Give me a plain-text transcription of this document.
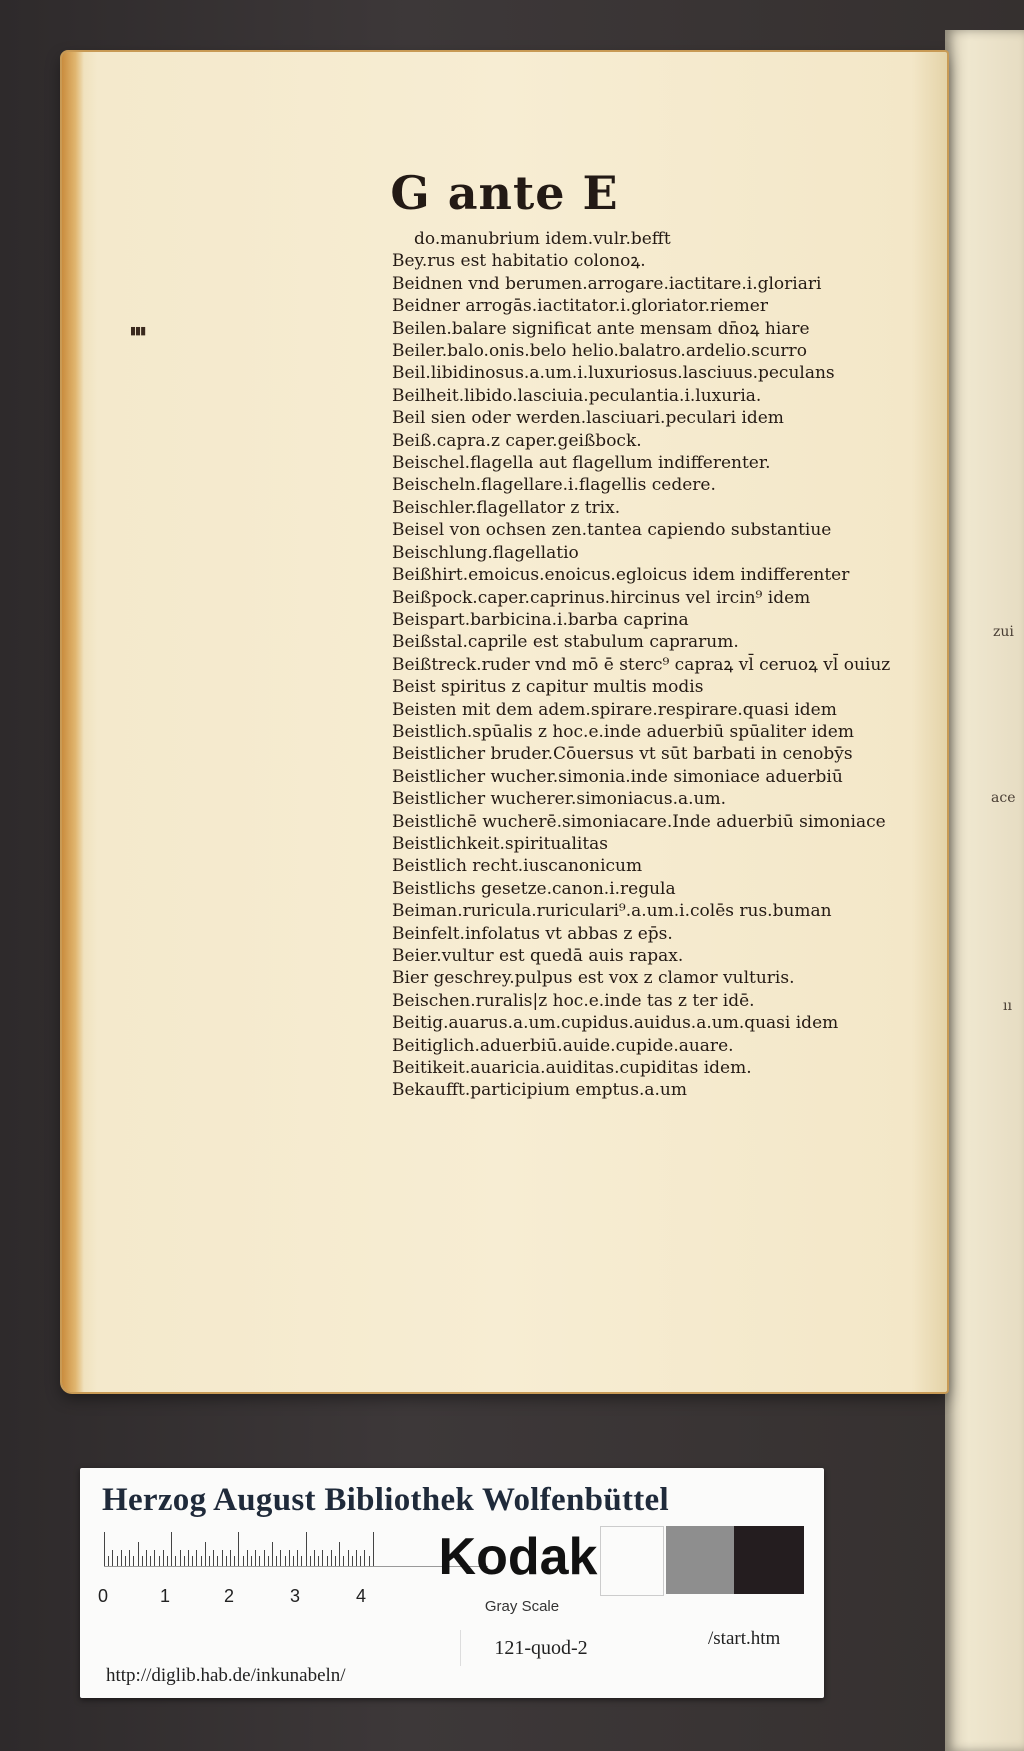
zui
ace
ıı
▮▮▮
G ante E
do.manubrium idem.vulr.befft
Bey.rus est habitatio colonoꝝ.
Beidnen vnd berumen.arrogare.iactitare.i.gloriari
Beidner arrogās.iactitator.i.gloriator.riemer
Beilen.balare significat ante mensam dn̄oꝝ hiare
Beiler.balo.onis.belo helio.balatro.ardelio.scurro
Beil.libidinosus.a.um.i.luxuriosus.lasciuus.peculans
Beilheit.libido.lasciuia.peculantia.i.luxuria.
Beil sien oder werden.lasciuari.peculari idem
Beiß.capra.z caper.geißbock.
Beischel.flagella aut flagellum indifferenter.
Beischeln.flagellare.i.flagellis cedere.
Beischler.flagellator z trix.
Beisel von ochsen zen.tantea capiendo substantiue
Beischlung.flagellatio
Beißhirt.emoicus.enoicus.egloicus idem indifferenter
Beißpock.caper.caprinus.hircinus vel ircin⁹ idem
Beispart.barbicina.i.barba caprina
Beißstal.caprile est stabulum caprarum.
Beißtreck.ruder vnd mō ē sterc⁹ capraꝝ vl̄ ceruoꝝ vl̄ ouiuz
Beist spiritus z capitur multis modis
Beisten mit dem adem.spirare.respirare.quasi idem
Beistlich.spūalis z hoc.e.inde aduerbiū spūaliter idem
Beistlicher bruder.Cōuersus vt sūt barbati in cenobȳs
Beistlicher wucher.simonia.inde simoniace aduerbiū
Beistlicher wucherer.simoniacus.a.um.
Beistlichē wucherē.simoniacare.Inde aduerbiū simoniace
Beistlichkeit.spiritualitas
Beistlich recht.iuscanonicum
Beistlichs gesetze.canon.i.regula
Beiman.ruricula.ruriculari⁹.a.um.i.colēs rus.buman
Beinfelt.infolatus vt abbas z ep̄s.
Beier.vultur est quedā auis rapax.
Bier geschrey.pulpus est vox z clamor vulturis.
Beischen.ruralis|z hoc.e.inde tas z ter idē.
Beitig.auarus.a.um.cupidus.auidus.a.um.quasi idem
Beitiglich.aduerbiū.auide.cupide.auare.
Beitikeit.auaricia.auiditas.cupiditas idem.
Bekaufft.participium emptus.a.um
Herzog August Bibliothek Wolfenbüttel
0	1	2	3	4
Kodak
Gray Scale
http://diglib.hab.de/inkunabeln/
121-quod-2	/start.htm
